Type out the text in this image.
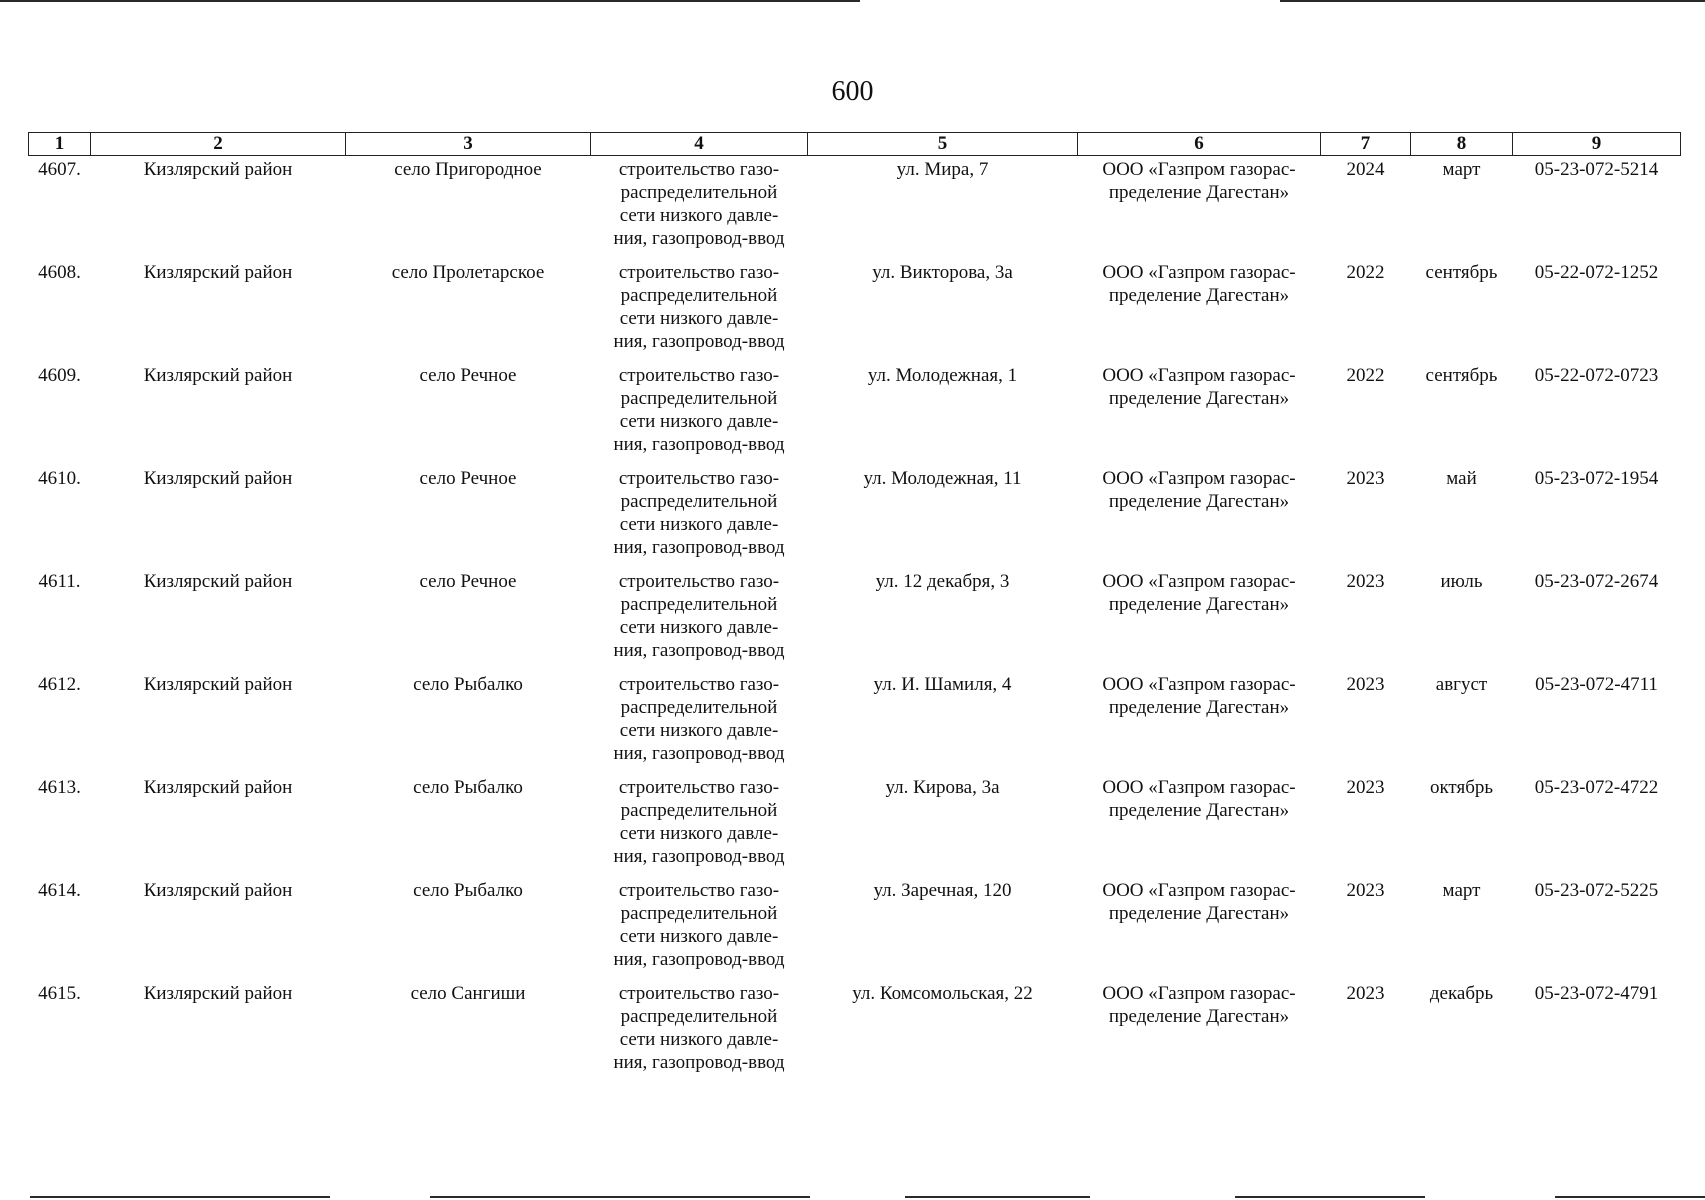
600
1	2	3	4	5	6	7	8	9
4607.	Кизлярский район	село Пригородное	строительство газо-
распределительной
сети низкого давле-
ния, газопровод-ввод	ул. Мира, 7	ООО «Газпром газорас-
пределение Дагестан»	2024	март	05-23-072-5214
4608.	Кизлярский район	село Пролетарское	строительство газо-
распределительной
сети низкого давле-
ния, газопровод-ввод	ул. Викторова, 3а	ООО «Газпром газорас-
пределение Дагестан»	2022	сентябрь	05-22-072-1252
4609.	Кизлярский район	село Речное	строительство газо-
распределительной
сети низкого давле-
ния, газопровод-ввод	ул. Молодежная, 1	ООО «Газпром газорас-
пределение Дагестан»	2022	сентябрь	05-22-072-0723
4610.	Кизлярский район	село Речное	строительство газо-
распределительной
сети низкого давле-
ния, газопровод-ввод	ул. Молодежная, 11	ООО «Газпром газорас-
пределение Дагестан»	2023	май	05-23-072-1954
4611.	Кизлярский район	село Речное	строительство газо-
распределительной
сети низкого давле-
ния, газопровод-ввод	ул. 12 декабря, 3	ООО «Газпром газорас-
пределение Дагестан»	2023	июль	05-23-072-2674
4612.	Кизлярский район	село Рыбалко	строительство газо-
распределительной
сети низкого давле-
ния, газопровод-ввод	ул. И. Шамиля, 4	ООО «Газпром газорас-
пределение Дагестан»	2023	август	05-23-072-4711
4613.	Кизлярский район	село Рыбалко	строительство газо-
распределительной
сети низкого давле-
ния, газопровод-ввод	ул. Кирова, 3а	ООО «Газпром газорас-
пределение Дагестан»	2023	октябрь	05-23-072-4722
4614.	Кизлярский район	село Рыбалко	строительство газо-
распределительной
сети низкого давле-
ния, газопровод-ввод	ул. Заречная, 120	ООО «Газпром газорас-
пределение Дагестан»	2023	март	05-23-072-5225
4615.	Кизлярский район	село Сангиши	строительство газо-
распределительной
сети низкого давле-
ния, газопровод-ввод	ул. Комсомольская, 22	ООО «Газпром газорас-
пределение Дагестан»	2023	декабрь	05-23-072-4791
